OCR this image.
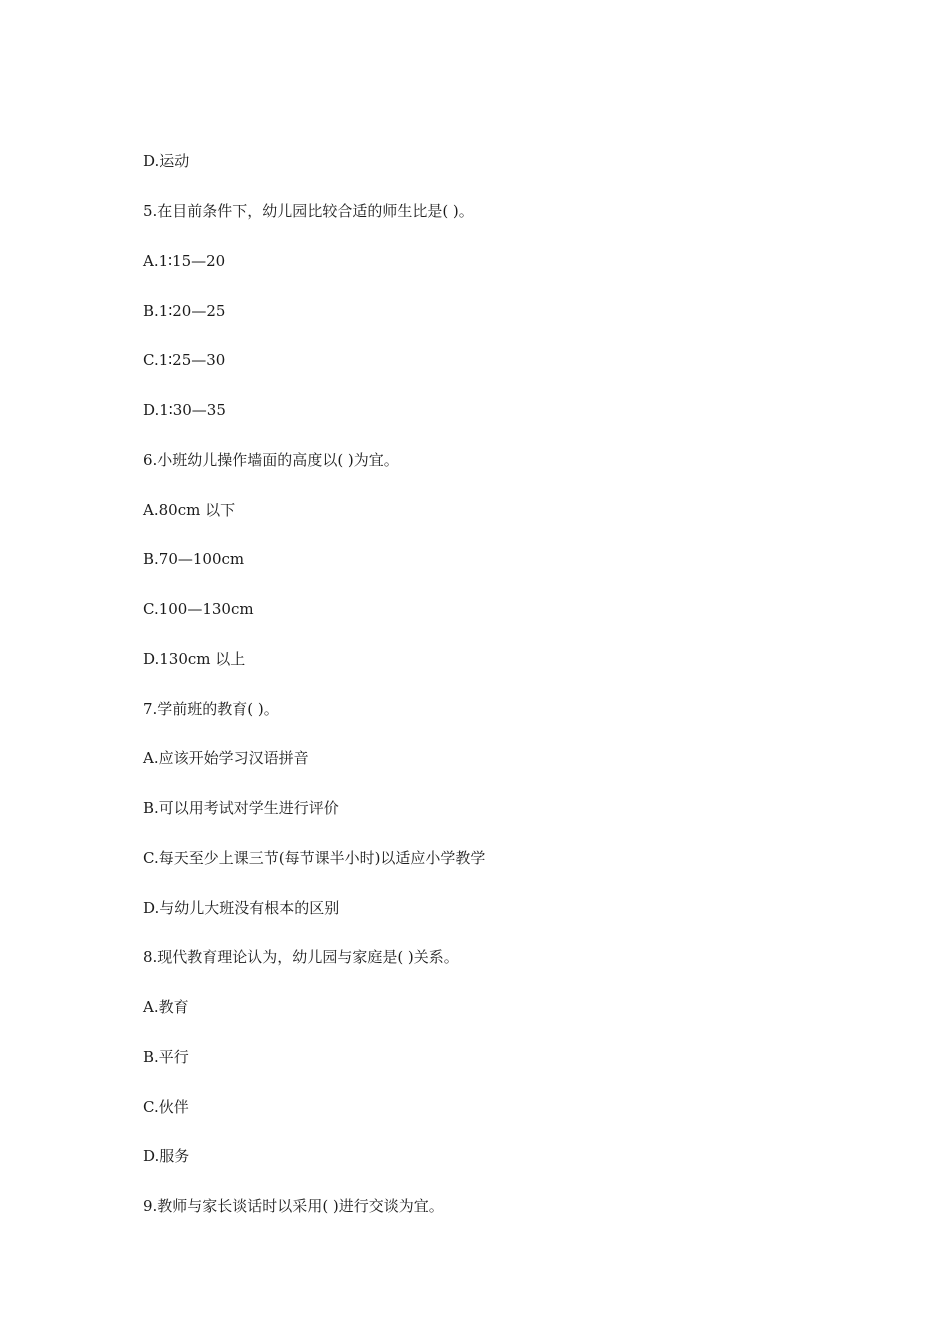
D.运动
5.在目前条件下，幼儿园比较合适的师生比是( )。
A.1∶15—20
B.1∶20—25
C.1∶25—30
D.1∶30—35
6.小班幼儿操作墙面的高度以( )为宜。
A.80cm 以下
B.70—100cm
C.100—130cm
D.130cm 以上
7.学前班的教育( )。
A.应该开始学习汉语拼音
B.可以用考试对学生进行评价
C.每天至少上课三节(每节课半小时)以适应小学教学
D.与幼儿大班没有根本的区别
8.现代教育理论认为，幼儿园与家庭是( )关系。
A.教育
B.平行
C.伙伴
D.服务
9.教师与家长谈话时以采用( )进行交谈为宜。
